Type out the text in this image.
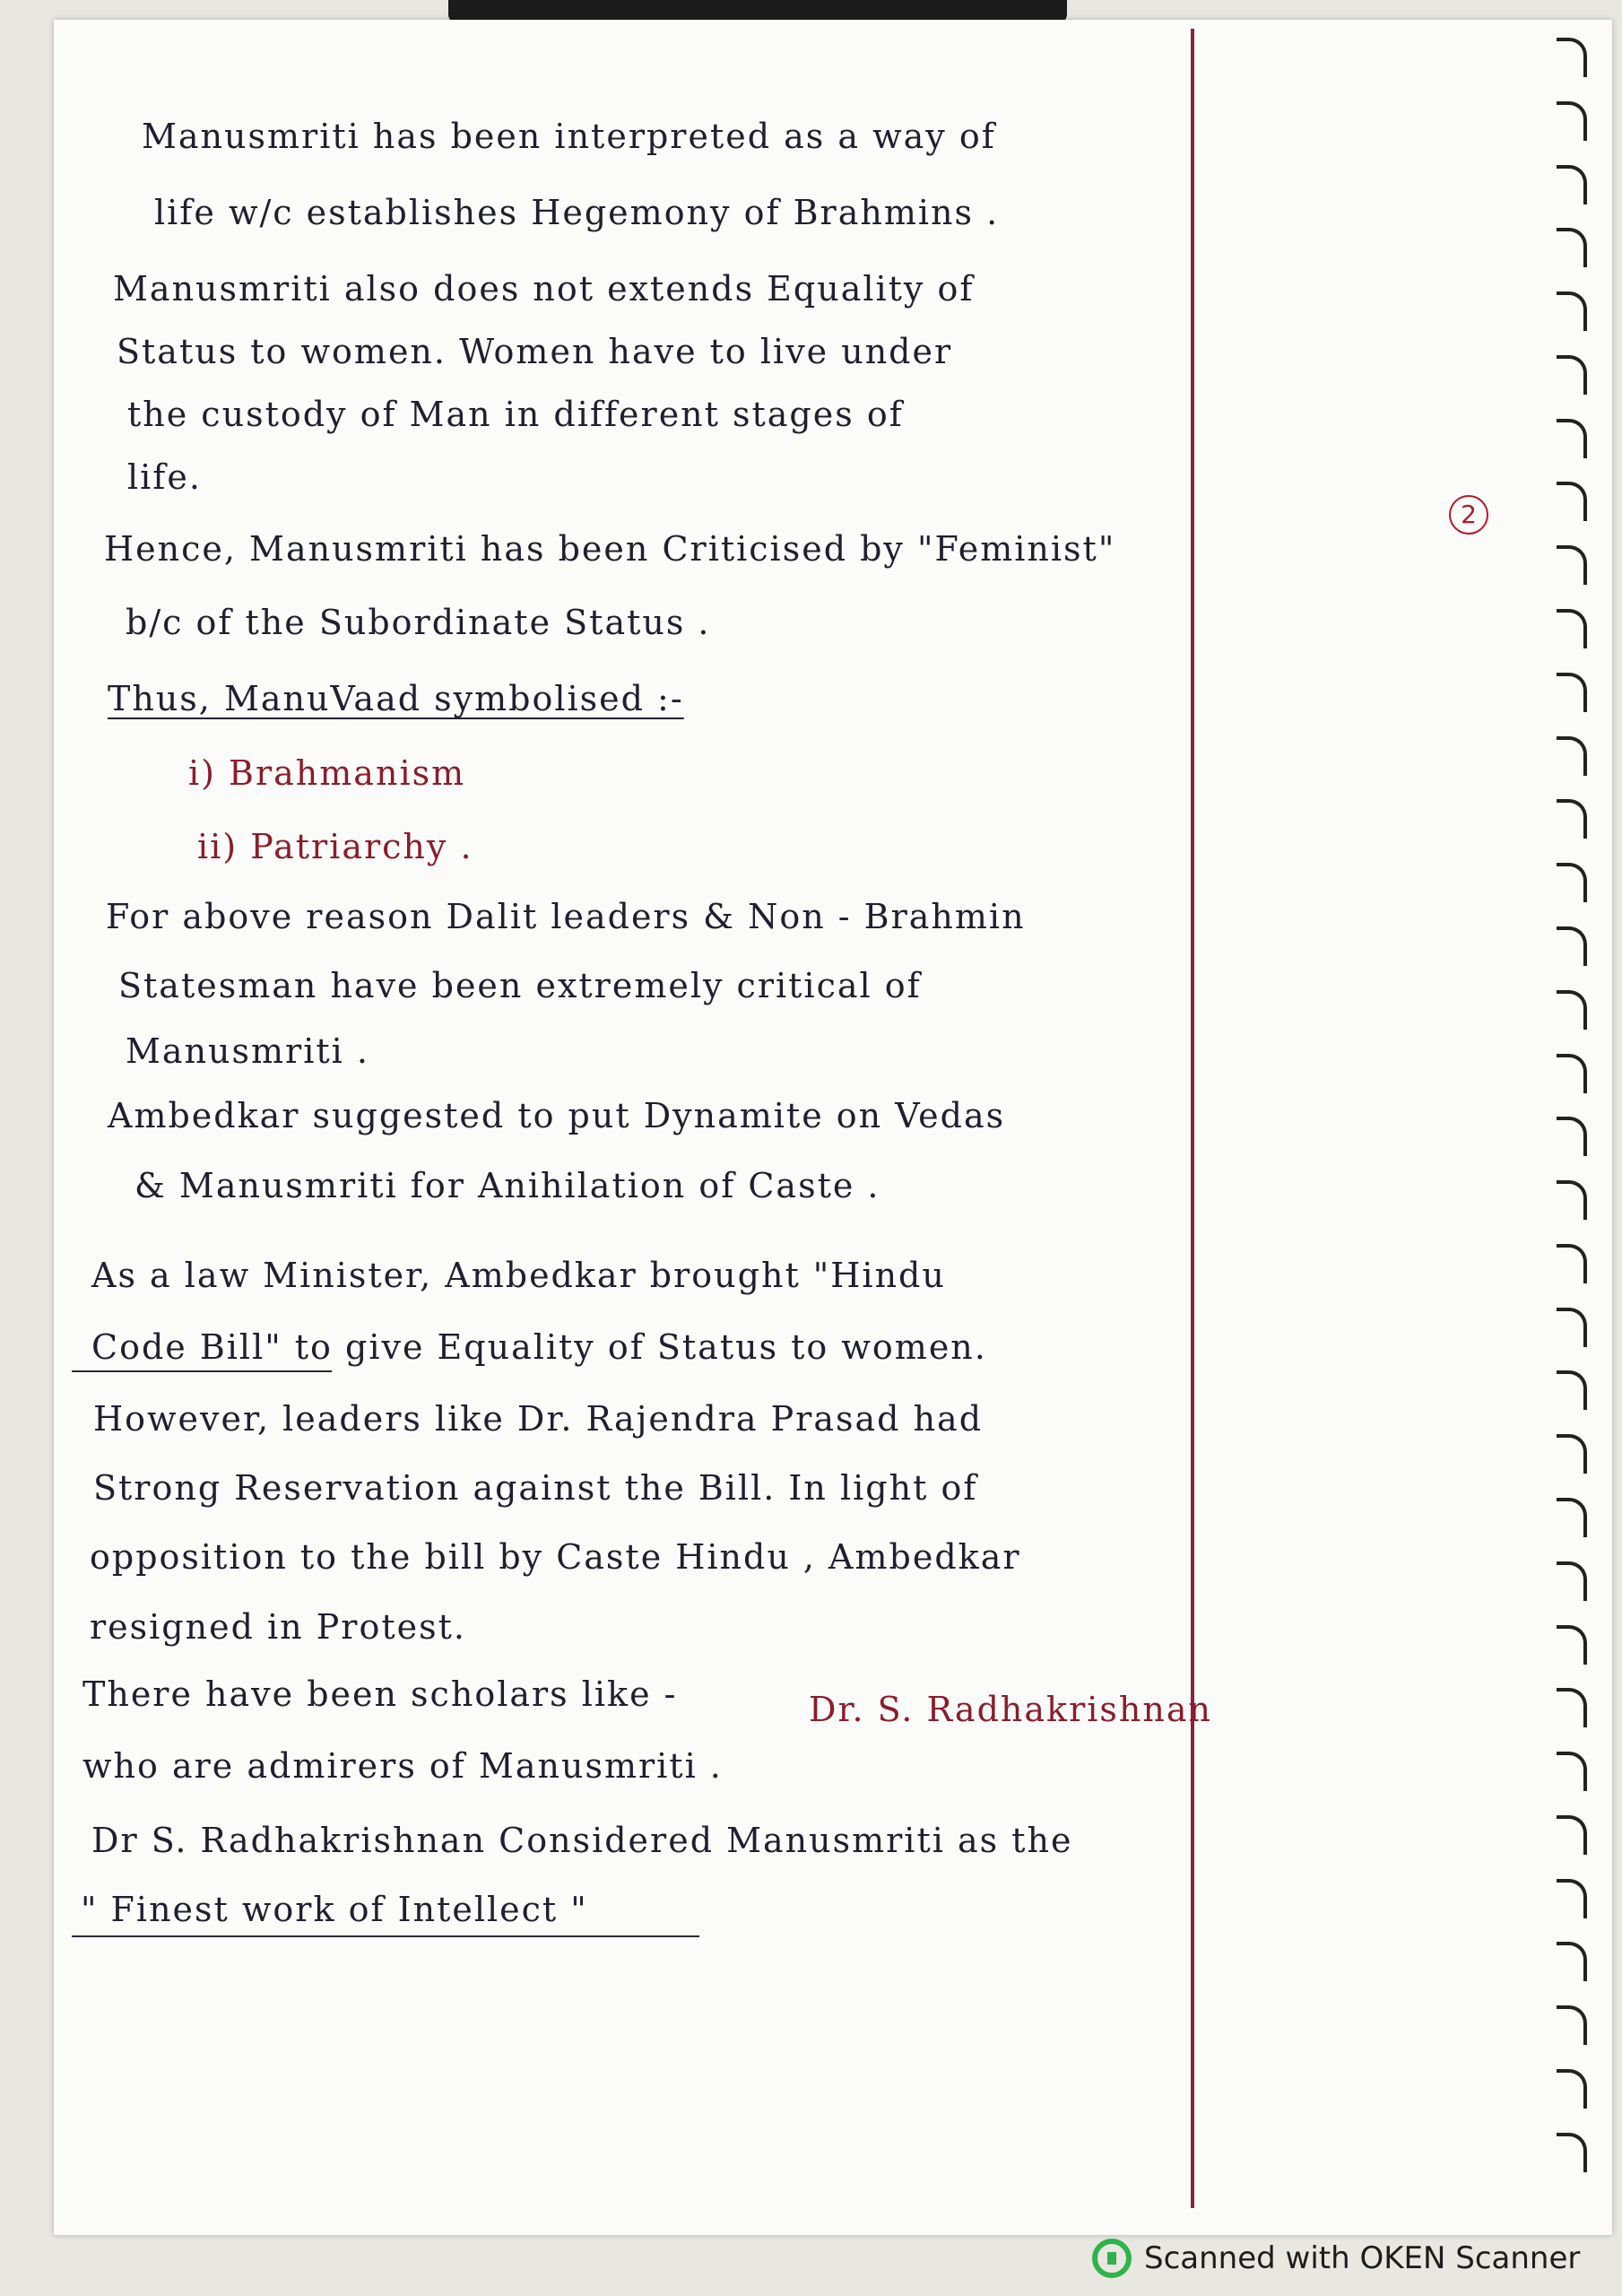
Manusmriti has been interpreted as a way of

life w/c establishes Hegemony of Brahmins .

Manusmriti also does not extends Equality of

Status to women. Women have to live under

the custody of Man in different stages of

life.

Hence, Manusmriti has been Criticised by "Feminist"

b/c of the Subordinate Status .

Thus, ManuVaad symbolised :-

i) Brahmanism

ii) Patriarchy .

For above reason Dalit leaders & Non - Brahmin

Statesman have been extremely critical of

Manusmriti .

Ambedkar suggested to put Dynamite on Vedas

& Manusmriti for Anihilation of Caste .

As a law Minister, Ambedkar brought "Hindu

Code Bill" to give Equality of Status to women.

However, leaders like Dr. Rajendra Prasad had

Strong Reservation against the Bill. In light of

opposition to the bill by Caste Hindu , Ambedkar

resigned in Protest.

There have been scholars like -	Dr. S. Radhakrishnan

who are admirers of Manusmriti .

Dr S. Radhakrishnan Considered Manusmriti as the

" Finest work of Intellect "

2
Scanned with OKEN Scanner
